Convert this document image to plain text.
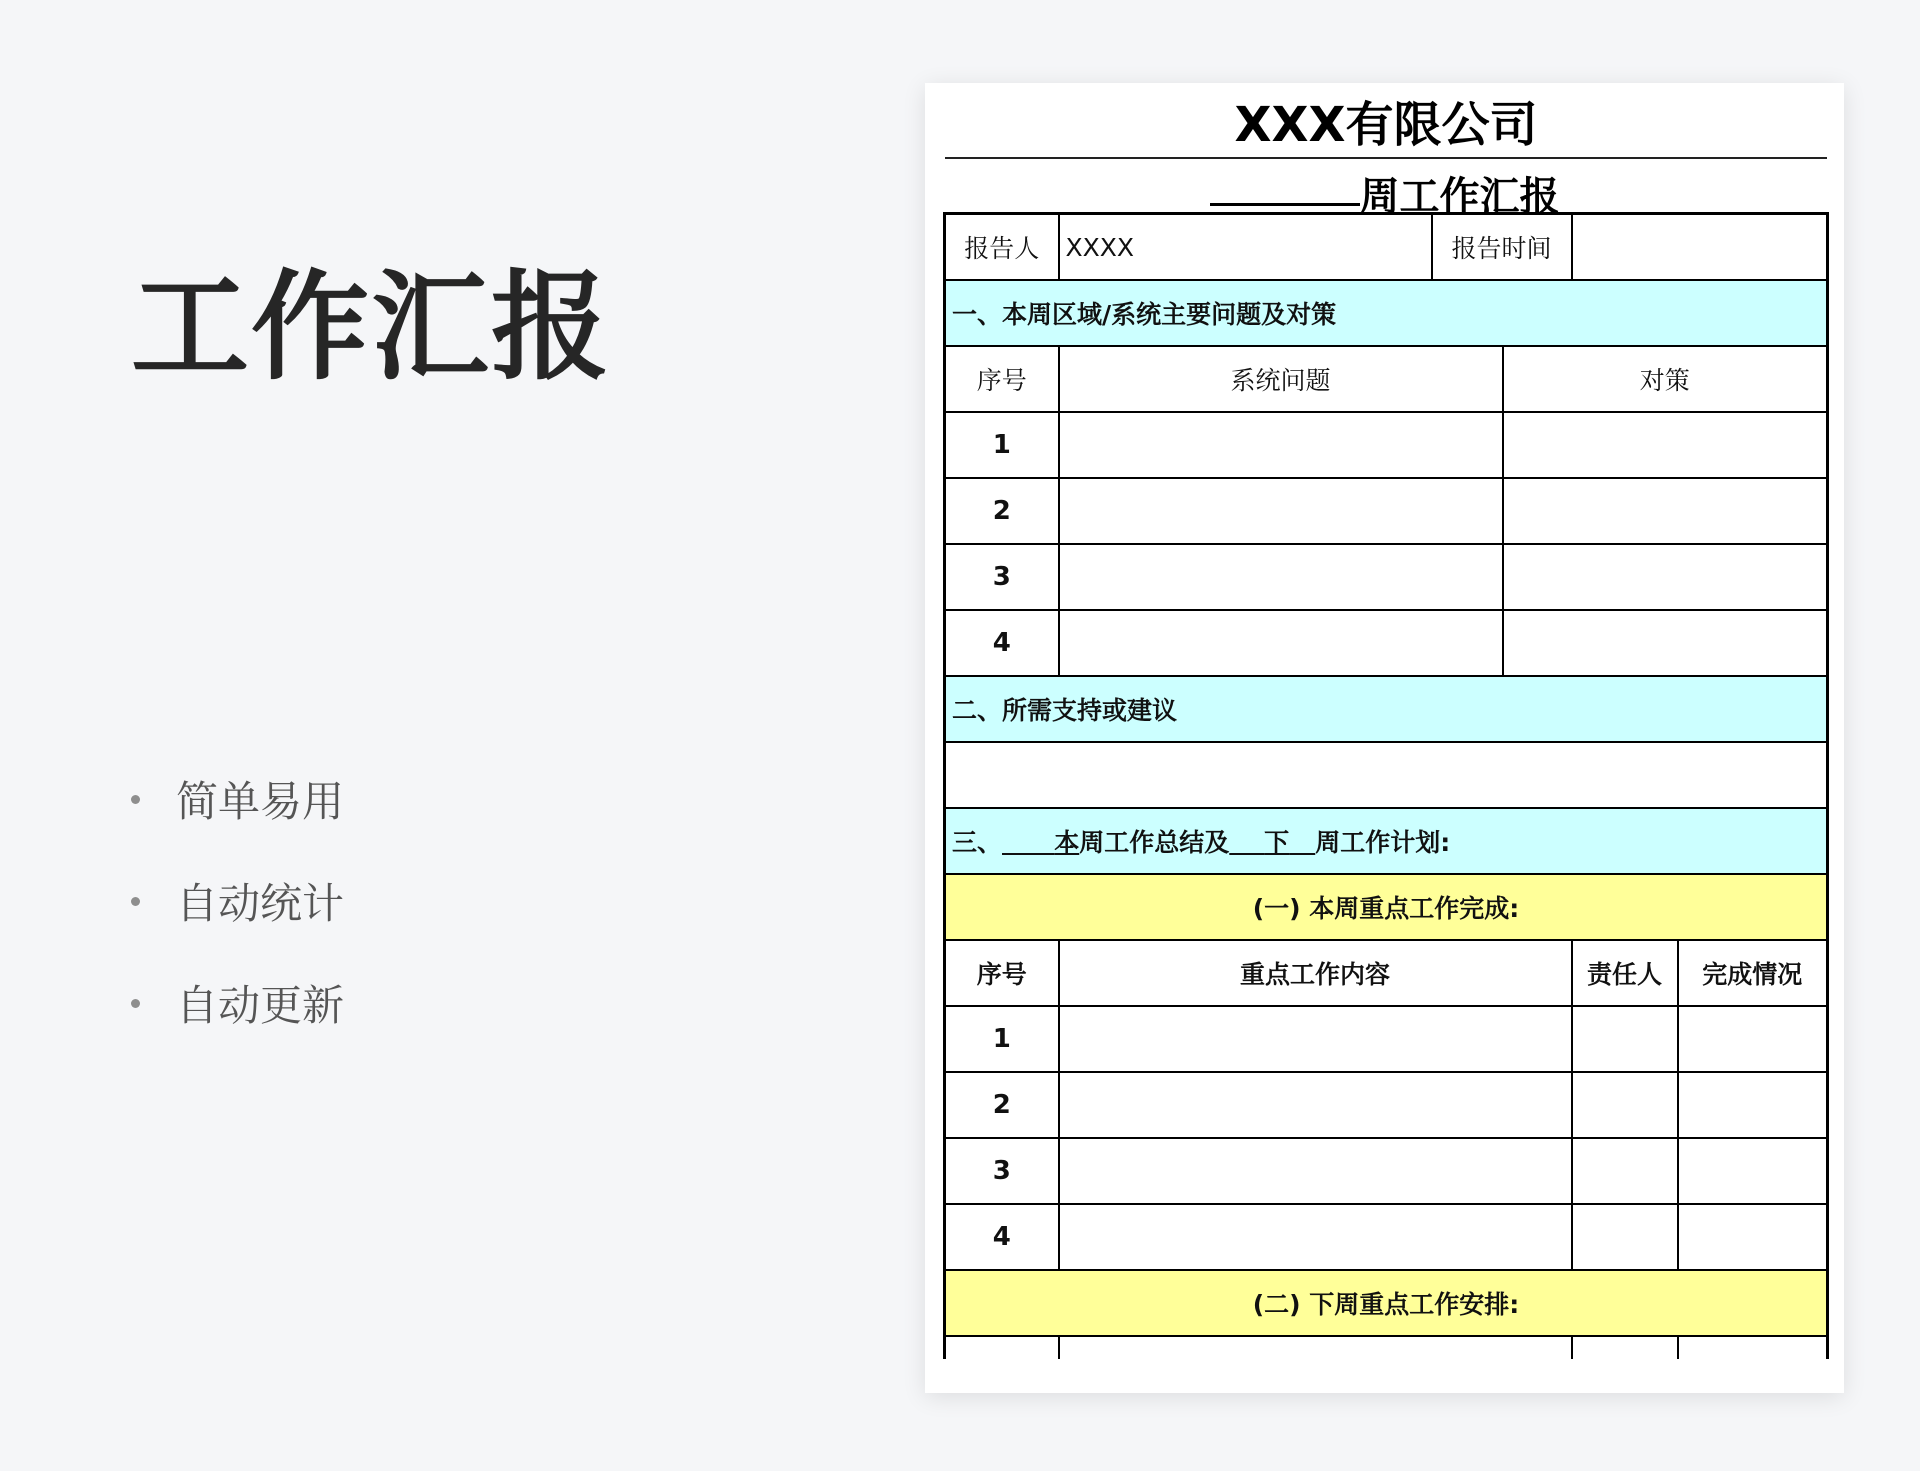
工作汇报
简单易用
自动统计
自动更新
XXX有限公司
周工作汇报
报告人	XXXX	报告时间			
一、本周区域/系统主要问题及对策					
序号	系统问题		对策		
1					
2					
3					
4					
二、所需支持或建议					

三、 本周工作总结及 下 周工作计划:					
(一) 本周重点工作完成:					
序号	重点工作内容			责任人	完成情况
1					
2					
3					
4					
(二) 下周重点工作安排:					
